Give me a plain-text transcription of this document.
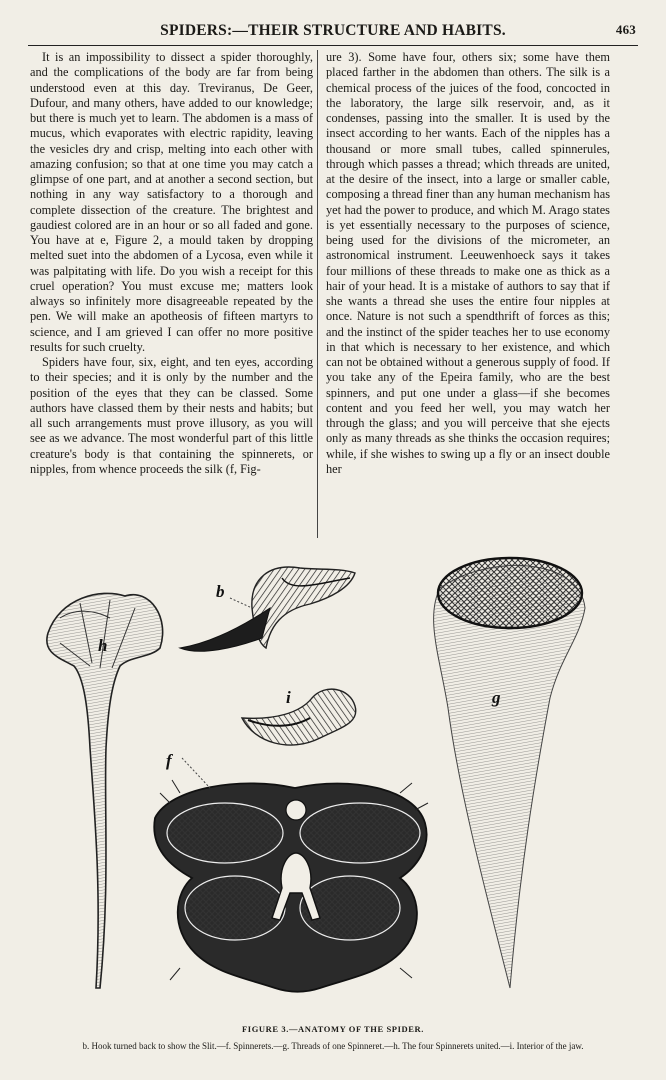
SPIDERS:—THEIR STRUCTURE AND HABITS.	463

It is an impossibility to dissect a spider thoroughly, and the complications of the body are far from being understood even at this day. Treviranus, De Geer, Dufour, and many others, have added to our knowledge; but there is much yet to learn. The abdomen is a mass of mucus, which evaporates with electric rapidity, leaving the vesicles dry and crisp, melting into each other with amazing confusion; so that at one time you may catch a glimpse of one part, and at another a second section, but nothing in any way satisfactory to a thorough and complete dissection of the creature. The brightest and gaudiest colored are in an hour or so all faded and gone. You have at e, Figure 2, a mould taken by dropping melted suet into the abdomen of a Lycosa, even while it was palpitating with life. Do you wish a receipt for this cruel operation? You must excuse me; matters look always so infinitely more disagreeable repeated by the pen. We will make an apotheosis of fifteen martyrs to science, and I am grieved I can offer no more positive results for such cruelty.

Spiders have four, six, eight, and ten eyes, according to their species; and it is only by the number and the position of the eyes that they can be classed. Some authors have classed them by their nests and habits; but all such arrangements must prove illusory, as you will see as we advance. The most wonderful part of this little creature's body is that containing the spinnerets, or nipples, from whence proceeds the silk (f, Fig-

ure 3). Some have four, others six; some have them placed farther in the abdomen than others. The silk is a chemical process of the juices of the food, concocted in the laboratory, the large silk reservoir, and, as it condenses, passing into the smaller. It is used by the insect according to her wants. Each of the nipples has a thousand or more small tubes, called spinnerules, through which passes a thread; which threads are united, at the desire of the insect, into a large or smaller cable, composing a thread finer than any human mechanism has yet had the power to produce, and which M. Arago states is yet essentially necessary to the purposes of science, being used for the divisions of the micrometer, an astronomical instrument. Leeuwenhoeck says it takes four millions of these threads to make one as thick as a hair of your head. It is a mistake of authors to say that if she wants a thread she uses the entire four nipples at once. Nature is not such a spendthrift of forces as this; and the instinct of the spider teaches her to use economy in that which is necessary to her existence, and which can not be obtained without a generous supply of food. If you take any of the Epeira family, who are the best spinners, and put one under a glass—if she becomes content and you feed her well, you may watch her through the glass; and you will perceive that she ejects only as many threads as she thinks the occasion requires; while, if she wishes to swing up a fly or an insect double her

h
b
i
f
g
FIGURE 3.—ANATOMY OF THE SPIDER.
b. Hook turned back to show the Slit.—f. Spinnerets.—g. Threads of one Spinneret.—h. The four Spinnerets united.—i. Interior of the jaw.
